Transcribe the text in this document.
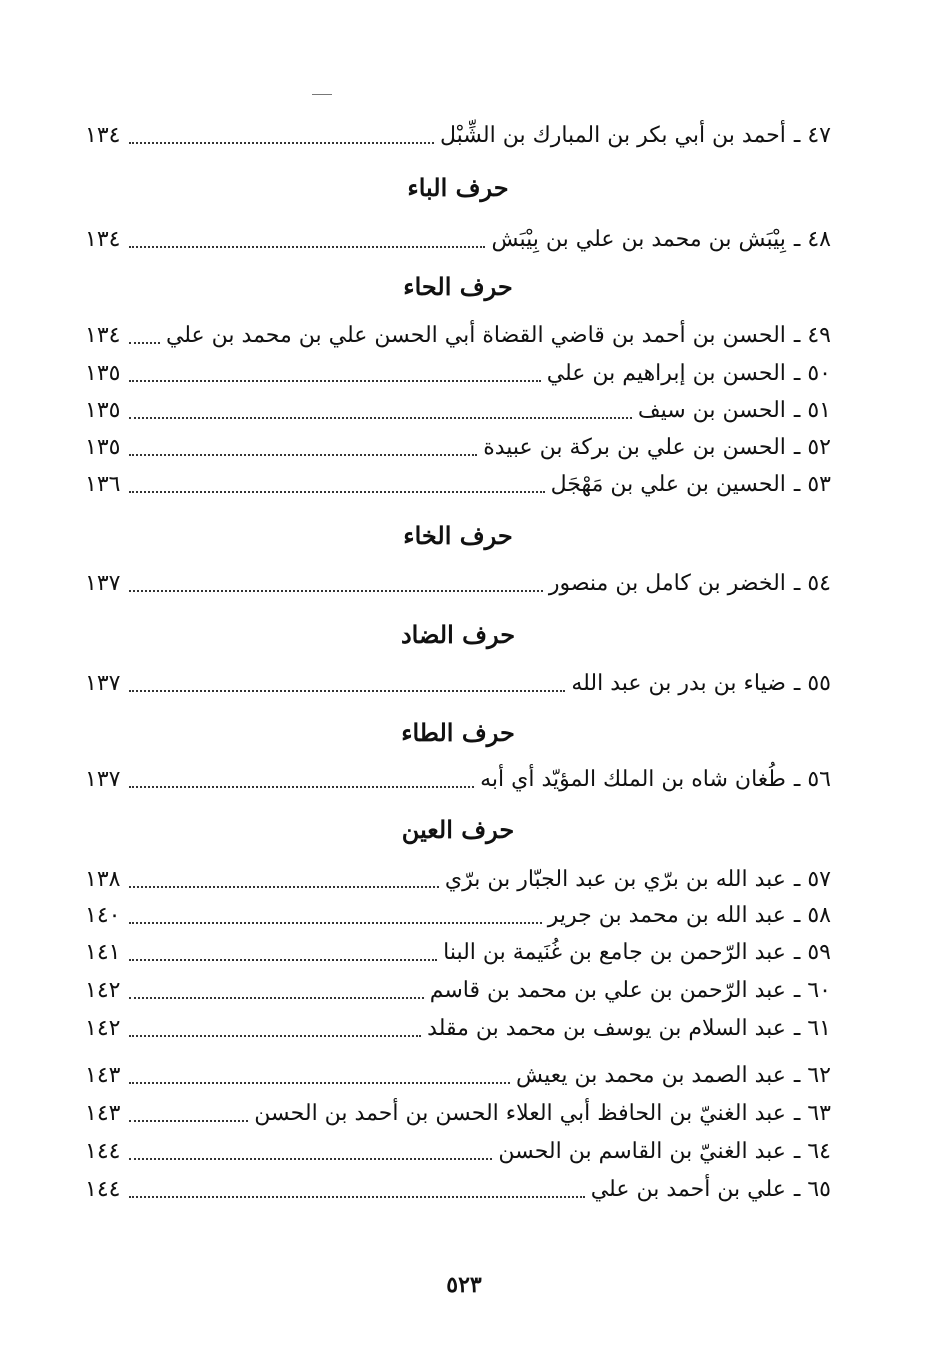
٤٧ ـ
أحمد بن أبي بكر بن المبارك بن الشِّبْل
١٣٤
حرف الباء
٤٨ ـ
بِيْبَش بن محمد بن علي بن بِيْبَش
١٣٤
حرف الحاء
٤٩ ـ
الحسن بن أحمد بن قاضي القضاة أبي الحسن علي بن محمد بن علي
١٣٤
٥٠ ـ
الحسن بن إبراهيم بن علي
١٣٥
٥١ ـ
الحسن بن سيف
١٣٥
٥٢ ـ
الحسن بن علي بن بركة بن عبيدة
١٣٥
٥٣ ـ
الحسين بن علي بن مَهْجَل
١٣٦
حرف الخاء
٥٤ ـ
الخضر بن كامل بن منصور
١٣٧
حرف الضاد
٥٥ ـ
ضياء بن بدر بن عبد الله
١٣٧
حرف الطاء
٥٦ ـ
طُغان شاه بن الملك المؤيّد أي أبه
١٣٧
حرف العين
٥٧ ـ
عبد الله بن برّي بن عبد الجبّار بن برّي
١٣٨
٥٨ ـ
عبد الله بن محمد بن جرير
١٤٠
٥٩ ـ
عبد الرّحمن بن جامع بن غُنَيمة بن البنا
١٤١
٦٠ ـ
عبد الرّحمن بن علي بن محمد بن قاسم
١٤٢
٦١ ـ
عبد السلام بن يوسف بن محمد بن مقلد
١٤٢
٦٢ ـ
عبد الصمد بن محمد بن يعيش
١٤٣
٦٣ ـ
عبد الغنيّ بن الحافظ أبي العلاء الحسن بن أحمد بن الحسن
١٤٣
٦٤ ـ
عبد الغنيّ بن القاسم بن الحسن
١٤٤
٦٥ ـ
علي بن أحمد بن علي
١٤٤
٥٢٣
